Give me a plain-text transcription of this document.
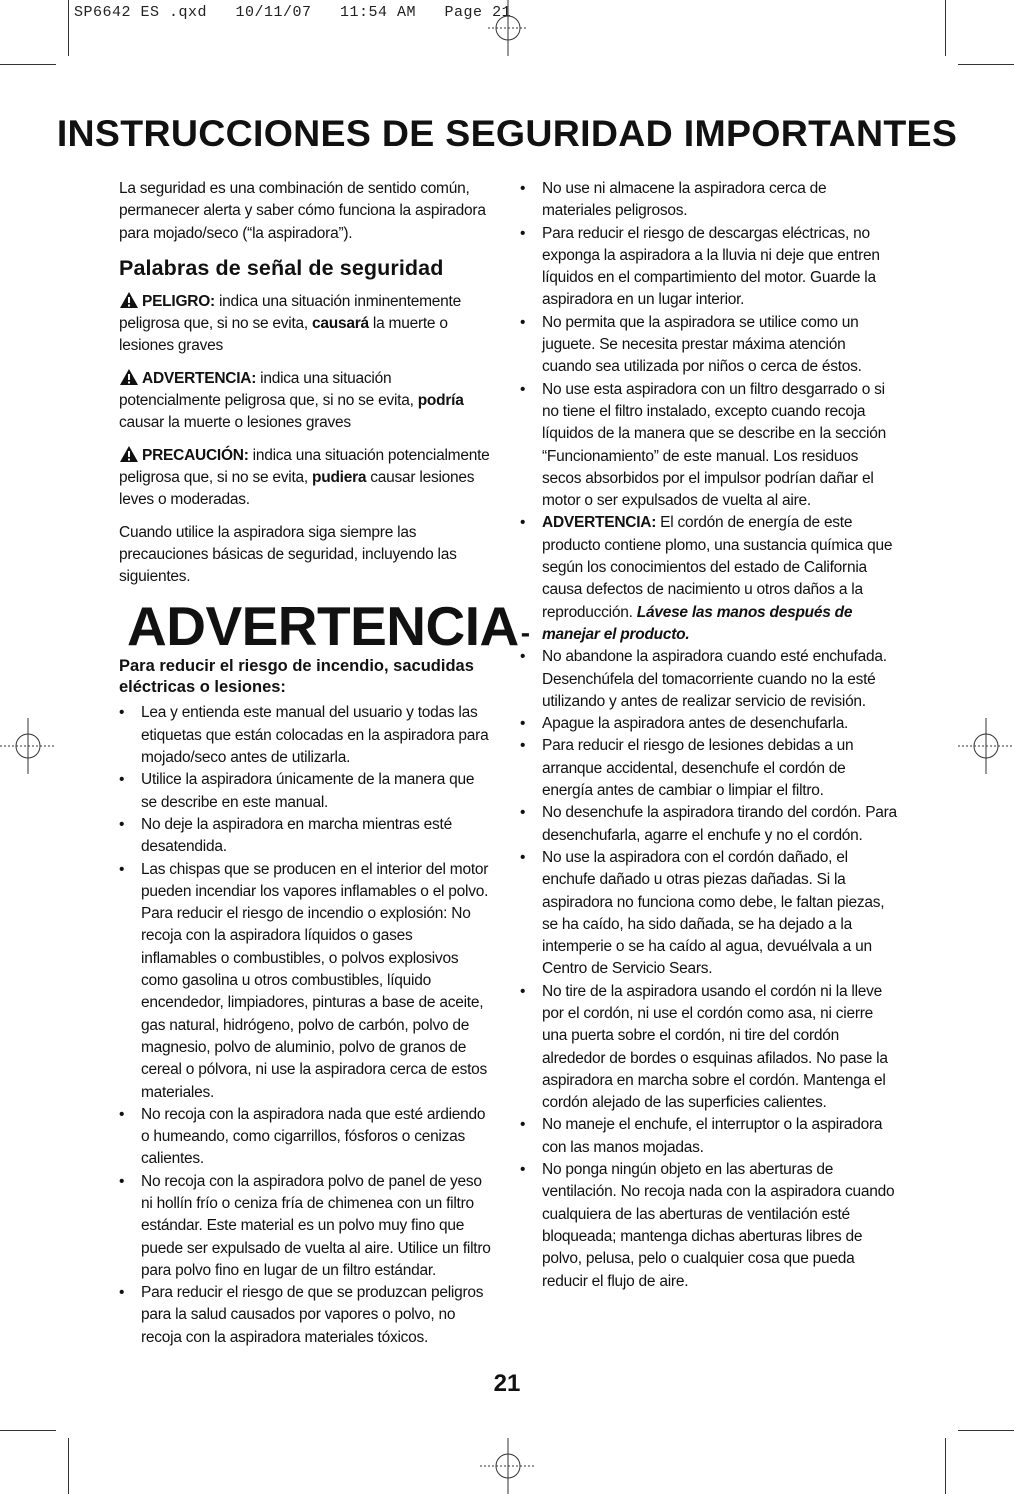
SP6642 ES .qxd   10/11/07   11:54 AM   Page 21
INSTRUCCIONES DE SEGURIDAD IMPORTANTES

La seguridad es una combinación de sentido común, permanecer alerta y saber cómo funciona la aspiradora para mojado/seco (“la aspiradora”).

Palabras de señal de seguridad

PELIGRO: indica una situación inminentemente peligrosa que, si no se evita, causará la muerte o lesiones graves

ADVERTENCIA: indica una situación potencialmente peligrosa que, si no se evita, podría causar la muerte o lesiones graves

PRECAUCIÓN: indica una situación potencialmente peligrosa que, si no se evita, pudiera causar lesiones leves o moderadas.

Cuando utilice la aspiradora siga siempre las precauciones básicas de seguridad, incluyendo las siguientes.

ADVERTENCIA -
Para reducir el riesgo de incendio, sacudidas eléctricas o lesiones:
•	Lea y entienda este manual del usuario y todas las etiquetas que están colocadas en la aspiradora para mojado/seco antes de utilizarla.
•	Utilice la aspiradora únicamente de la manera que se describe en este manual.
•	No deje la aspiradora en marcha mientras esté desatendida.
•	Las chispas que se producen en el interior del motor pueden incendiar los vapores inflamables o el polvo. Para reducir el riesgo de incendio o explosión: No recoja con la aspiradora líquidos o gases inflamables o combustibles, o polvos explosivos como gasolina u otros combustibles, líquido encendedor, limpiadores, pinturas a base de aceite, gas natural, hidrógeno, polvo de carbón, polvo de magnesio, polvo de aluminio, polvo de granos de cereal o pólvora, ni use la aspiradora cerca de estos materiales.
•	No recoja con la aspiradora nada que esté ardiendo o humeando, como cigarrillos, fósforos o cenizas calientes.
•	No recoja con la aspiradora polvo de panel de yeso ni hollín frío o ceniza fría de chimenea con un filtro estándar. Este material es un polvo muy fino que puede ser expulsado de vuelta al aire. Utilice un filtro para polvo fino en lugar de un filtro estándar.
•	Para reducir el riesgo de que se produzcan peligros para la salud causados por vapores o polvo, no recoja con la aspiradora materiales tóxicos.
•	No use ni almacene la aspiradora cerca de materiales peligrosos.
•	Para reducir el riesgo de descargas eléctricas, no exponga la aspiradora a la lluvia ni deje que entren líquidos en el compartimiento del motor. Guarde la aspiradora en un lugar interior.
•	No permita que la aspiradora se utilice como un juguete. Se necesita prestar máxima atención cuando sea utilizada por niños o cerca de éstos.
•	No use esta aspiradora con un filtro desgarrado o si no tiene el filtro instalado, excepto cuando recoja líquidos de la manera que se describe en la sección “Funcionamiento” de este manual. Los residuos secos absorbidos por el impulsor podrían dañar el motor o ser expulsados de vuelta al aire.
•	ADVERTENCIA: El cordón de energía de este producto contiene plomo, una sustancia química que según los conocimientos del estado de California causa defectos de nacimiento u otros daños a la reproducción. Lávese las manos después de manejar el producto.
•	No abandone la aspiradora cuando esté enchufada. Desenchúfela del tomacorriente cuando no la esté utilizando y antes de realizar servicio de revisión.
•	Apague la aspiradora antes de desenchufarla.
•	Para reducir el riesgo de lesiones debidas a un arranque accidental, desenchufe el cordón de energía antes de cambiar o limpiar el filtro.
•	No desenchufe la aspiradora tirando del cordón. Para desenchufarla, agarre el enchufe y no el cordón.
•	No use la aspiradora con el cordón dañado, el enchufe dañado u otras piezas dañadas. Si la aspiradora no funciona como debe, le faltan piezas, se ha caído, ha sido dañada, se ha dejado a la intemperie o se ha caído al agua, devuélvala a un Centro de Servicio Sears.
•	No tire de la aspiradora usando el cordón ni la lleve por el cordón, ni use el cordón como asa, ni cierre una puerta sobre el cordón, ni tire del cordón alrededor de bordes o esquinas afilados. No pase la aspiradora en marcha sobre el cordón. Mantenga el cordón alejado de las superficies calientes.
•	No maneje el enchufe, el interruptor o la aspiradora con las manos mojadas.
•	No ponga ningún objeto en las aberturas de ventilación. No recoja nada con la aspiradora cuando cualquiera de las aberturas de ventilación esté bloqueada; mantenga dichas aberturas libres de polvo, pelusa, pelo o cualquier cosa que pueda reducir el flujo de aire.
21
